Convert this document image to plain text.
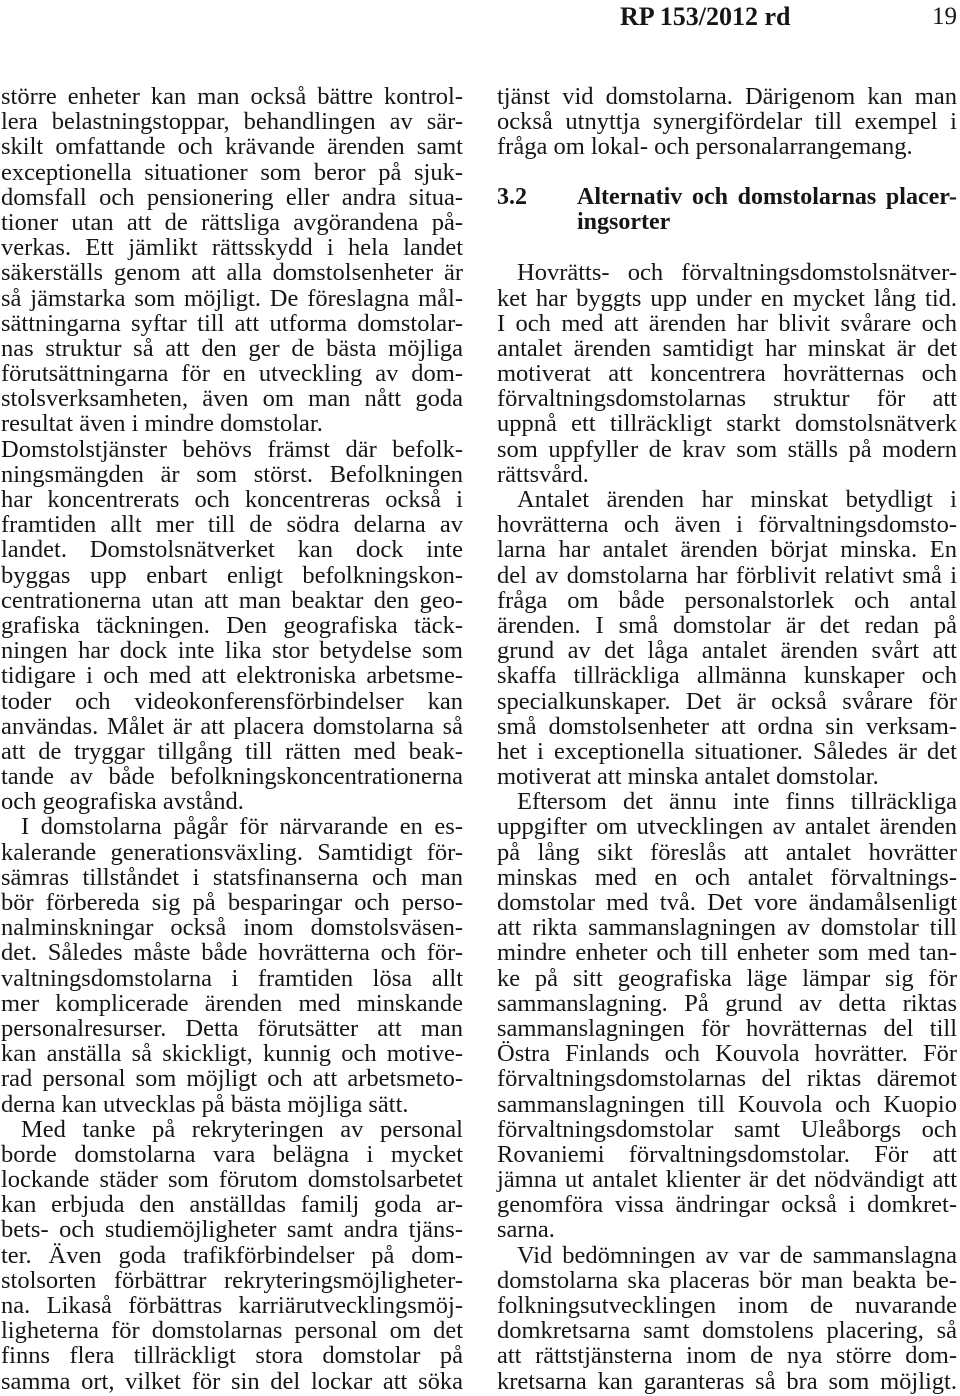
RP 153/2012 rd	19
större enheter kan man också bättre kontrol-
lera belastningstoppar, behandlingen av sär-
skilt omfattande och krävande ärenden samt
exceptionella situationer som beror på sjuk-
domsfall och pensionering eller andra situa-
tioner utan att de rättsliga avgörandena på-
verkas. Ett jämlikt rättsskydd i hela landet
säkerställs genom att alla domstolsenheter är
så jämstarka som möjligt. De föreslagna mål-
sättningarna syftar till att utforma domstolar-
nas struktur så att den ger de bästa möjliga
förutsättningarna för en utveckling av dom-
stolsverksamheten, även om man nått goda
resultat även i mindre domstolar.
Domstolstjänster behövs främst där befolk-
ningsmängden är som störst. Befolkningen
har koncentrerats och koncentreras också i
framtiden allt mer till de södra delarna av
landet. Domstolsnätverket kan dock inte
byggas upp enbart enligt befolkningskon-
centrationerna utan att man beaktar den geo-
grafiska täckningen. Den geografiska täck-
ningen har dock inte lika stor betydelse som
tidigare i och med att elektroniska arbetsme-
toder och videokonferensförbindelser kan
användas. Målet är att placera domstolarna så
att de tryggar tillgång till rätten med beak-
tande av både befolkningskoncentrationerna
och geografiska avstånd.
I domstolarna pågår för närvarande en es-
kalerande generationsväxling. Samtidigt för-
sämras tillståndet i statsfinanserna och man
bör förbereda sig på besparingar och perso-
nalminskningar också inom domstolsväsen-
det. Således måste både hovrätterna och för-
valtningsdomstolarna i framtiden lösa allt
mer komplicerade ärenden med minskande
personalresurser. Detta förutsätter att man
kan anställa så skickligt, kunnig och motive-
rad personal som möjligt och att arbetsmeto-
derna kan utvecklas på bästa möjliga sätt.
Med tanke på rekryteringen av personal
borde domstolarna vara belägna i mycket
lockande städer som förutom domstolsarbetet
kan erbjuda den anställdas familj goda ar-
bets- och studiemöjligheter samt andra tjäns-
ter. Även goda trafikförbindelser på dom-
stolsorten förbättrar rekryteringsmöjligheter-
na. Likaså förbättras karriärutvecklingsmöj-
ligheterna för domstolarnas personal om det
finns flera tillräckligt stora domstolar på
samma ort, vilket för sin del lockar att söka
tjänst vid domstolarna. Därigenom kan man
också utnyttja synergifördelar till exempel i
fråga om lokal- och personalarrangemang.
3.2 Alternativ och domstolarnas placer-
ingsorter
Hovrätts- och förvaltningsdomstolsnätver-
ket har byggts upp under en mycket lång tid.
I och med att ärenden har blivit svårare och
antalet ärenden samtidigt har minskat är det
motiverat att koncentrera hovrätternas och
förvaltningsdomstolarnas struktur för att
uppnå ett tillräckligt starkt domstolsnätverk
som uppfyller de krav som ställs på modern
rättsvård.
Antalet ärenden har minskat betydligt i
hovrätterna och även i förvaltningsdomsto-
larna har antalet ärenden börjat minska. En
del av domstolarna har förblivit relativt små i
fråga om både personalstorlek och antal
ärenden. I små domstolar är det redan på
grund av det låga antalet ärenden svårt att
skaffa tillräckliga allmänna kunskaper och
specialkunskaper. Det är också svårare för
små domstolsenheter att ordna sin verksam-
het i exceptionella situationer. Således är det
motiverat att minska antalet domstolar.
Eftersom det ännu inte finns tillräckliga
uppgifter om utvecklingen av antalet ärenden
på lång sikt föreslås att antalet hovrätter
minskas med en och antalet förvaltnings-
domstolar med två. Det vore ändamålsenligt
att rikta sammanslagningen av domstolar till
mindre enheter och till enheter som med tan-
ke på sitt geografiska läge lämpar sig för
sammanslagning. På grund av detta riktas
sammanslagningen för hovrätternas del till
Östra Finlands och Kouvola hovrätter. För
förvaltningsdomstolarnas del riktas däremot
sammanslagningen till Kouvola och Kuopio
förvaltningsdomstolar samt Uleåborgs och
Rovaniemi förvaltningsdomstolar. För att
jämna ut antalet klienter är det nödvändigt att
genomföra vissa ändringar också i domkret-
sarna.
Vid bedömningen av var de sammanslagna
domstolarna ska placeras bör man beakta be-
folkningsutvecklingen inom de nuvarande
domkretsarna samt domstolens placering, så
att rättstjänsterna inom de nya större dom-
kretsarna kan garanteras så bra som möjligt.
